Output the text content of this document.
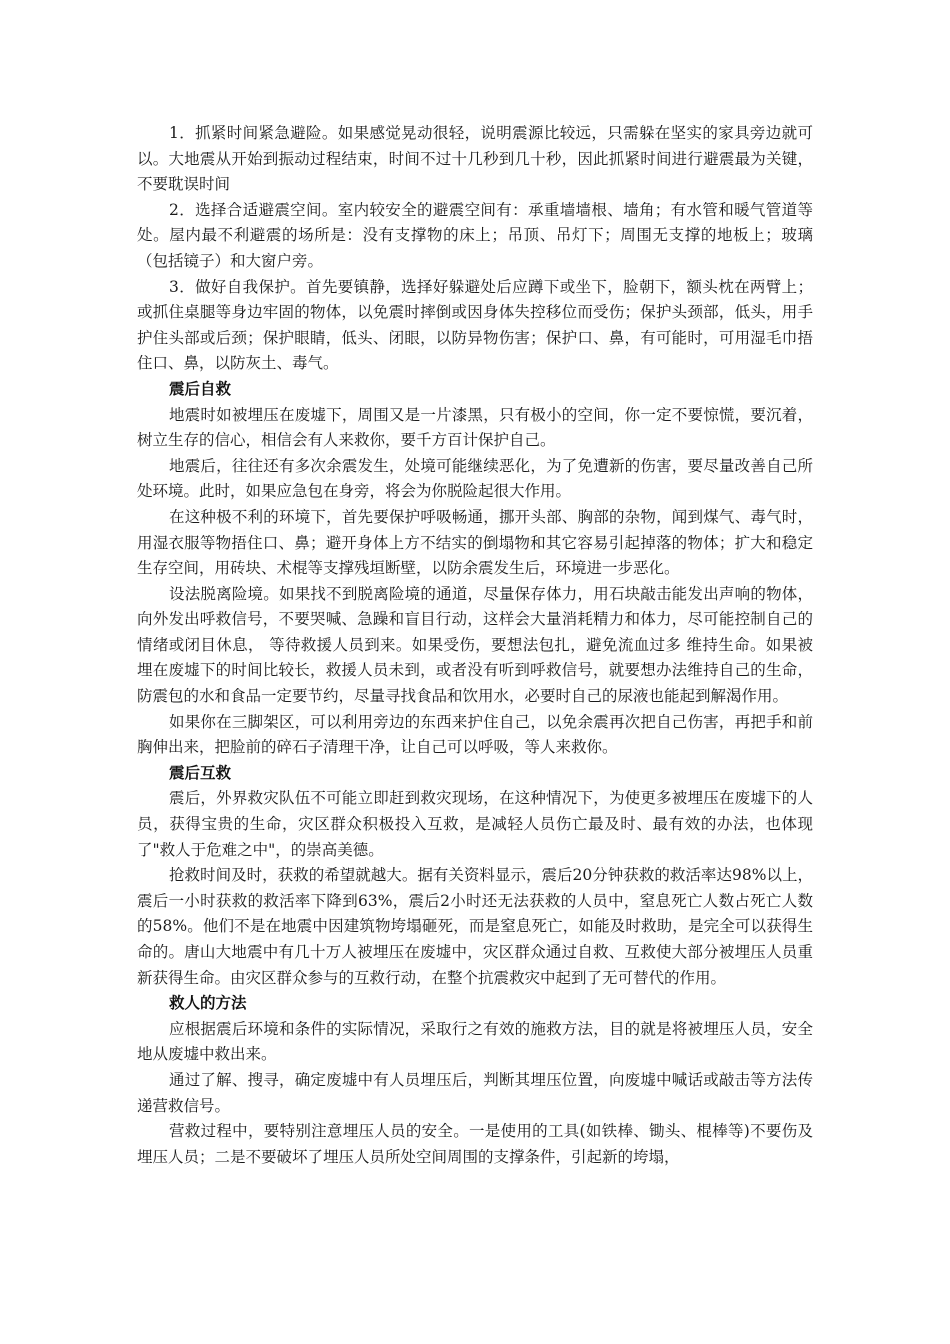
1．抓紧时间紧急避险。如果感觉晃动很轻，说明震源比较远，只需躲在坚实的家具旁边就可以。大地震从开始到振动过程结束，时间不过十几秒到几十秒，因此抓紧时间进行避震最为关键，不要耽误时间

2．选择合适避震空间。室内较安全的避震空间有：承重墙墙根、墙角；有水管和暖气管道等处。屋内最不利避震的场所是：没有支撑物的床上；吊顶、吊灯下；周围无支撑的地板上；玻璃（包括镜子）和大窗户旁。

3．做好自我保护。首先要镇静，选择好躲避处后应蹲下或坐下，脸朝下，额头枕在两臂上；或抓住桌腿等身边牢固的物体，以免震时摔倒或因身体失控移位而受伤；保护头颈部，低头，用手护住头部或后颈；保护眼睛，低头、闭眼，以防异物伤害；保护口、鼻，有可能时，可用湿毛巾捂住口、鼻，以防灰土、毒气。

震后自救

地震时如被埋压在废墟下，周围又是一片漆黑，只有极小的空间，你一定不要惊慌，要沉着，树立生存的信心，相信会有人来救你，要千方百计保护自己。

地震后，往往还有多次余震发生，处境可能继续恶化，为了免遭新的伤害，要尽量改善自己所处环境。此时，如果应急包在身旁，将会为你脱险起很大作用。

在这种极不利的环境下，首先要保护呼吸畅通，挪开头部、胸部的杂物，闻到煤气、毒气时，用湿衣服等物捂住口、鼻；避开身体上方不结实的倒塌物和其它容易引起掉落的物体；扩大和稳定生存空间，用砖块、术棍等支撑残垣断壁，以防余震发生后，环境进一步恶化。

设法脱离险境。如果找不到脱离险境的通道，尽量保存体力，用石块敲击能发出声响的物体，向外发出呼救信号，不要哭喊、急躁和盲目行动，这样会大量消耗精力和体力，尽可能控制自己的情绪或闭目休息， 等待救援人员到来。如果受伤，要想法包扎，避免流血过多 维持生命。如果被埋在废墟下的时间比较长，救援人员未到，或者没有听到呼救信号，就要想办法维持自己的生命，防震包的水和食品一定要节约，尽量寻找食品和饮用水，必要时自己的尿液也能起到解渴作用。

如果你在三脚架区，可以利用旁边的东西来护住自己，以免余震再次把自己伤害，再把手和前胸伸出来，把脸前的碎石子清理干净，让自己可以呼吸，等人来救你。

震后互救

震后，外界救灾队伍不可能立即赶到救灾现场，在这种情况下，为使更多被埋压在废墟下的人员，获得宝贵的生命，灾区群众积极投入互救，是减轻人员伤亡最及时、最有效的办法，也体现了"救人于危难之中"，的崇高美德。

抢救时间及时，获救的希望就越大。据有关资料显示，震后20分钟获救的救活率达98%以上，震后一小时获救的救活率下降到63%，震后2小时还无法获救的人员中，窒息死亡人数占死亡人数的58%。他们不是在地震中因建筑物垮塌砸死，而是窒息死亡，如能及时救助，是完全可以获得生命的。唐山大地震中有几十万人被埋压在废墟中，灾区群众通过自救、互救使大部分被埋压人员重新获得生命。由灾区群众参与的互救行动，在整个抗震救灾中起到了无可替代的作用。

救人的方法

应根据震后环境和条件的实际情况，采取行之有效的施救方法，目的就是将被埋压人员，安全地从废墟中救出来。

通过了解、搜寻，确定废墟中有人员埋压后，判断其埋压位置，向废墟中喊话或敲击等方法传递营救信号。

营救过程中，要特别注意埋压人员的安全。一是使用的工具(如铁棒、锄头、棍棒等)不要伤及埋压人员；二是不要破坏了埋压人员所处空间周围的支撑条件，引起新的垮塌，
